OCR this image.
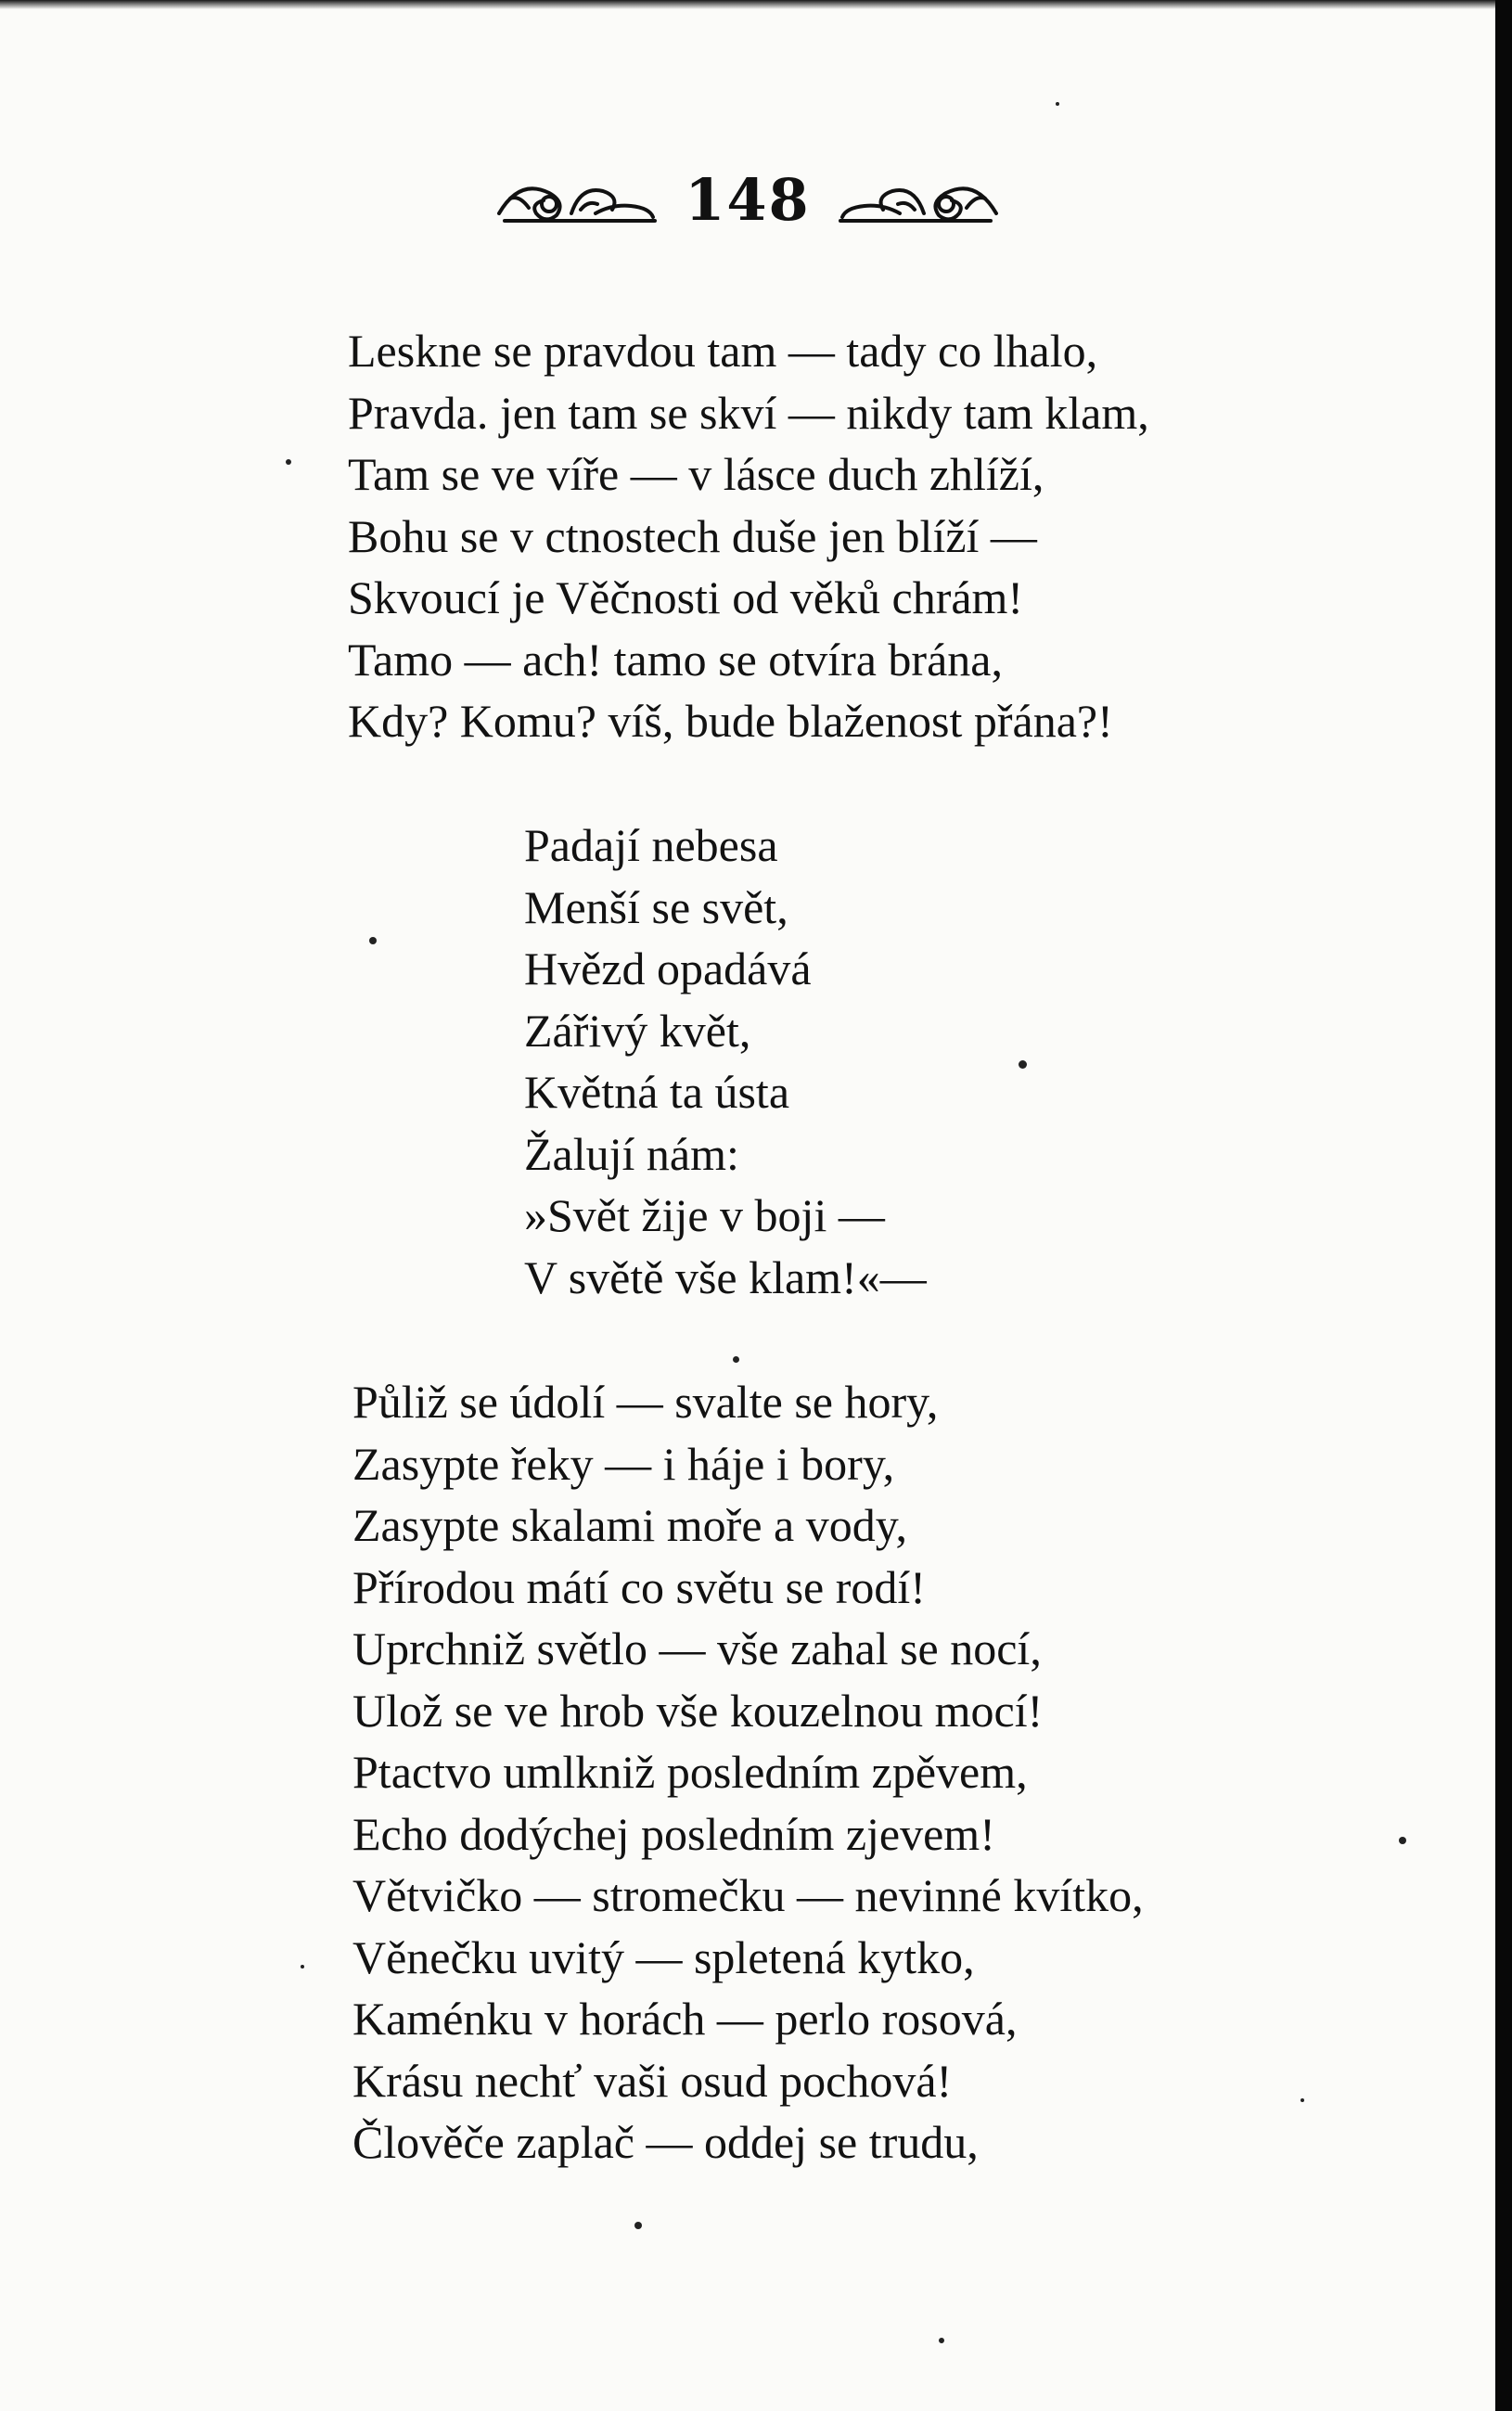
148
Leskne se pravdou tam — tady co lhalo,
Pravda. jen tam se skví — nikdy tam klam,
Tam se ve víře — v lásce duch zhlíží,
Bohu se v ctnostech duše jen blíží —
Skvoucí je Věčnosti od věků chrám!
Tamo — ach! tamo se otvíra brána,
Kdy? Komu? víš, bude blaženost přána?!
Padají nebesa
Menší se svět,
Hvězd opadává
Zářivý květ,
Květná ta ústa
Žalují nám:
»Svět žije v boji —
V světě vše klam!«—
Půliž se údolí — svalte se hory,
Zasypte řeky — i háje i bory,
Zasypte skalami moře a vody,
Přírodou mátí co světu se rodí!
Uprchniž světlo — vše zahal se nocí,
Ulož se ve hrob vše kouzelnou mocí!
Ptactvo umlkniž posledním zpěvem,
Echo dodýchej posledním zjevem!
Větvičko — stromečku — nevinné kvítko,
Věnečku uvitý — spletená kytko,
Kaménku v horách — perlo rosová,
Krásu nechť vaši osud pochová!
Člověče zaplač — oddej se trudu,
